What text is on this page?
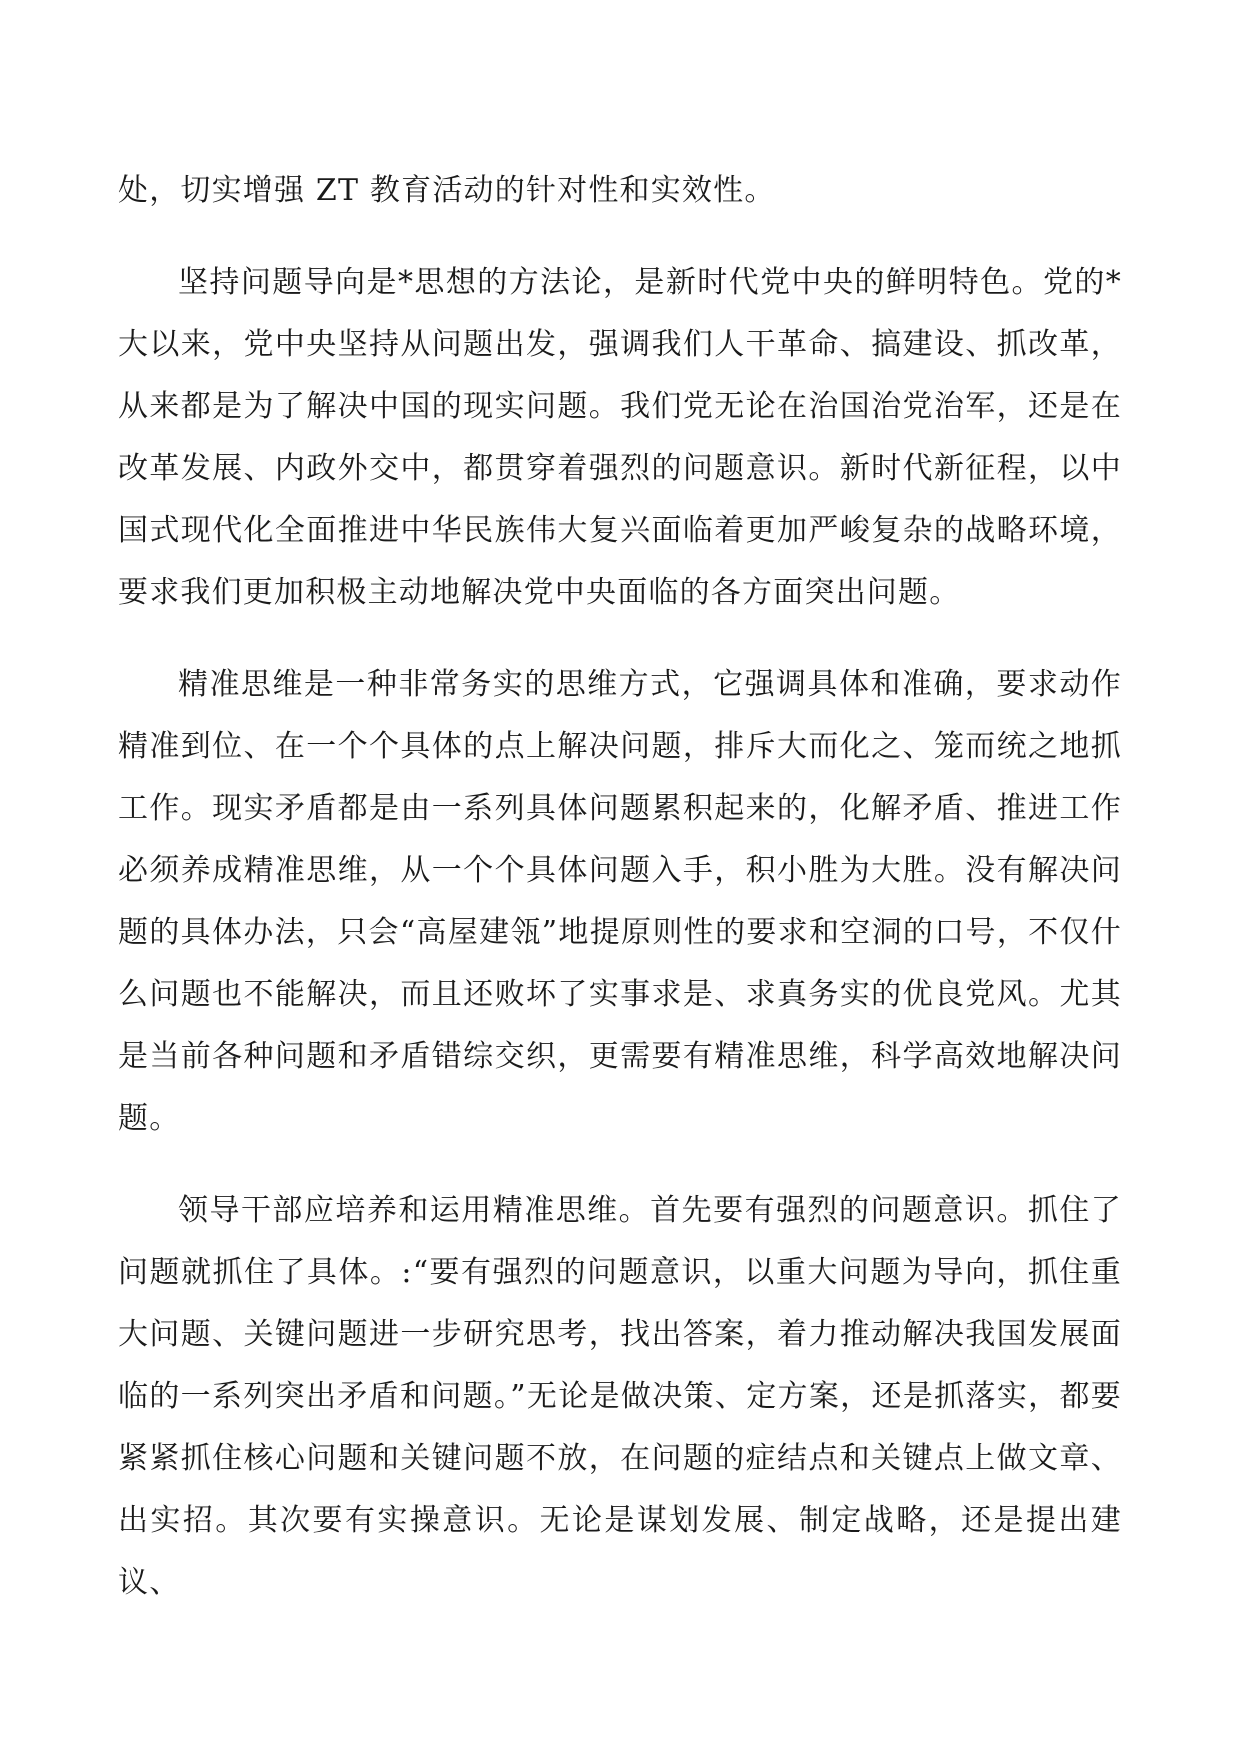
处，切实增强 ZT 教育活动的针对性和实效性。

坚持问题导向是*思想的方法论，是新时代党中央的鲜明特色。党的*大以来，党中央坚持从问题出发，强调我们人干革命、搞建设、抓改革，从来都是为了解决中国的现实问题。我们党无论在治国治党治军，还是在改革发展、内政外交中，都贯穿着强烈的问题意识。新时代新征程，以中国式现代化全面推进中华民族伟大复兴面临着更加严峻复杂的战略环境，要求我们更加积极主动地解决党中央面临的各方面突出问题。

精准思维是一种非常务实的思维方式，它强调具体和准确，要求动作精准到位、在一个个具体的点上解决问题，排斥大而化之、笼而统之地抓工作。现实矛盾都是由一系列具体问题累积起来的，化解矛盾、推进工作必须养成精准思维，从一个个具体问题入手，积小胜为大胜。没有解决问题的具体办法，只会“高屋建瓴”地提原则性的要求和空洞的口号，不仅什么问题也不能解决，而且还败坏了实事求是、求真务实的优良党风。尤其是当前各种问题和矛盾错综交织，更需要有精准思维，科学高效地解决问题。

领导干部应培养和运用精准思维。首先要有强烈的问题意识。抓住了问题就抓住了具体。:“要有强烈的问题意识，以重大问题为导向，抓住重大问题、关键问题进一步研究思考，找出答案，着力推动解决我国发展面临的一系列突出矛盾和问题。”无论是做决策、定方案，还是抓落实，都要紧紧抓住核心问题和关键问题不放，在问题的症结点和关键点上做文章、出实招。其次要有实操意识。无论是谋划发展、制定战略，还是提出建议、
